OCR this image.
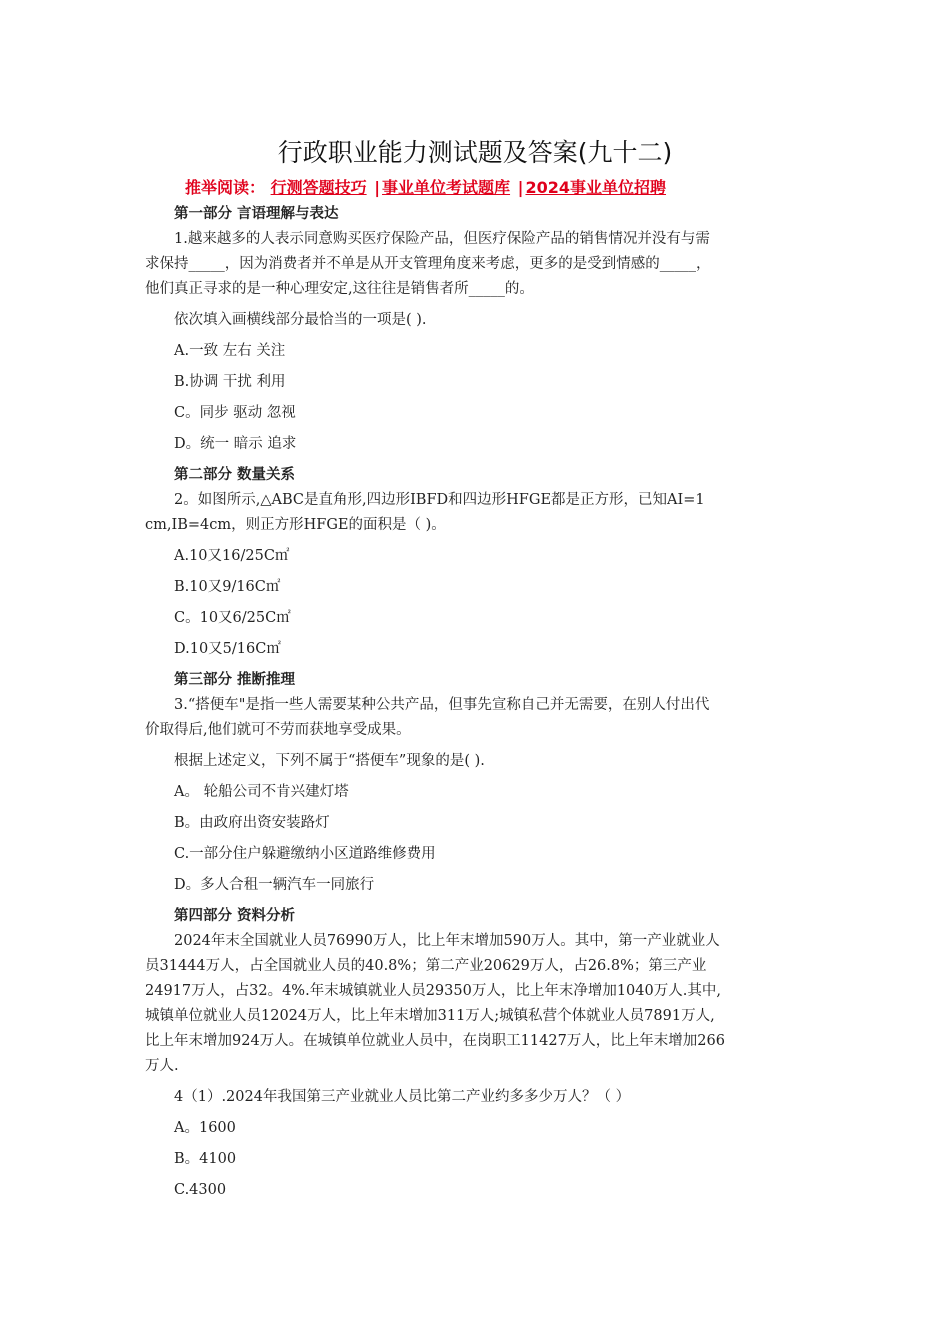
行政职业能力测试题及答案(九十二)
推举阅读： 行测答题技巧 | 事业单位考试题库 | 2024事业单位招聘
第一部分 言语理解与表达
1.越来越多的人表示同意购买医疗保险产品，但医疗保险产品的销售情况并没有与需
求保持_____，因为消费者并不单是从开支管理角度来考虑，更多的是受到情感的_____，
他们真正寻求的是一种心理安定,这往往是销售者所_____的。
依次填入画横线部分最恰当的一项是( ).
A.一致 左右 关注
B.协调 干扰 利用
C。同步 驱动 忽视
D。统一 暗示 追求
第二部分 数量关系
2。如图所示,△ABC是直角形,四边形IBFD和四边形HFGE都是正方形，已知AI=1
cm,IB=4cm，则正方形HFGE的面积是（ )。
A.10又16/25C㎡
B.10又9/16C㎡
C。10又6/25C㎡
D.10又5/16C㎡
第三部分 推断推理
3.“搭便车"是指一些人需要某种公共产品，但事先宣称自己并无需要，在别人付出代
价取得后,他们就可不劳而获地享受成果。
根据上述定义，下列不属于“搭便车”现象的是( ).
A。 轮船公司不肯兴建灯塔
B。由政府出资安装路灯
C.一部分住户躲避缴纳小区道路维修费用
D。多人合租一辆汽车一同旅行
第四部分 资料分析
2024年末全国就业人员76990万人，比上年末增加590万人。其中，第一产业就业人
员31444万人，占全国就业人员的40.8%；第二产业20629万人，占26.8%；第三产业
24917万人，占32。4%.年末城镇就业人员29350万人，比上年末净增加1040万人.其中,
城镇单位就业人员12024万人，比上年末增加311万人;城镇私营个体就业人员7891万人,
比上年末增加924万人。在城镇单位就业人员中，在岗职工11427万人，比上年末增加266
万人.
4（1）.2024年我国第三产业就业人员比第二产业约多多少万人？（ ）
A。1600
B。4100
C.4300
